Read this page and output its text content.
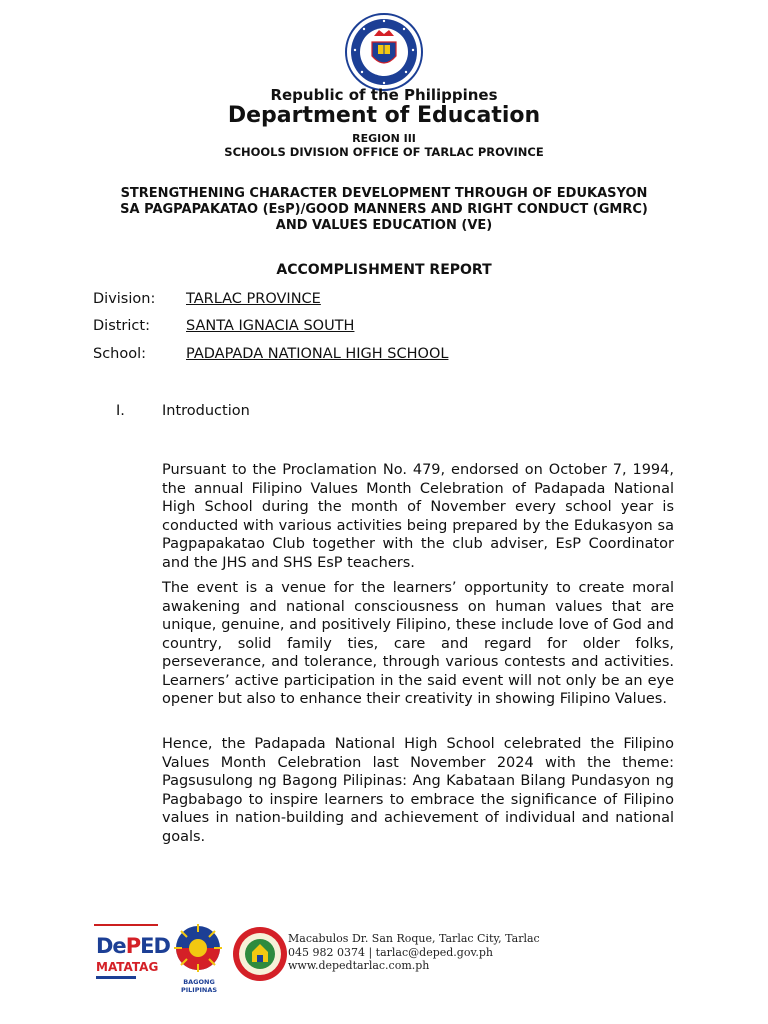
Republic of the Philippines
Department of Education
REGION III
SCHOOLS DIVISION OFFICE OF TARLAC PROVINCE
STRENGTHENING CHARACTER DEVELOPMENT THROUGH OF EDUKASYON
SA PAGPAPAKATAO (EsP)/GOOD MANNERS AND RIGHT CONDUCT (GMRC)
AND VALUES EDUCATION (VE)
ACCOMPLISHMENT REPORT
Division: TARLAC PROVINCE
District: SANTA IGNACIA SOUTH
School:	PADAPADA NATIONAL HIGH SCHOOL
I.	Introduction
Pursuant to the Proclamation No. 479, endorsed on October 7, 1994, the annual Filipino Values Month Celebration of Padapada National High School during the month of November every school year is conducted with various activities being prepared by the Edukasyon sa Pagpapakatao Club together with the club adviser, EsP Coordinator and the JHS and SHS EsP teachers.
The event is a venue for the learners’ opportunity to create moral awakening and national consciousness on human values that are unique, genuine, and positively Filipino, these include love of God and country, solid family ties, care and regard for older folks, perseverance, and tolerance, through various contests and activities. Learners’ active participation in the said event will not only be an eye opener but also to enhance their creativity in showing Filipino Values.
Hence, the Padapada National High School celebrated the Filipino Values Month Celebration last November 2024 with the theme: Pagsusulong ng Bagong Pilipinas: Ang Kabataan Bilang Pundasyon ng Pagbabago to inspire learners to embrace the significance of Filipino values in nation-building and achievement of individual and national goals.
DePED
MATATAG
BAGONG PILIPINAS
Macabulos Dr. San Roque, Tarlac City, Tarlac
045 982 0374 | tarlac@deped.gov.ph
www.depedtarlac.com.ph
